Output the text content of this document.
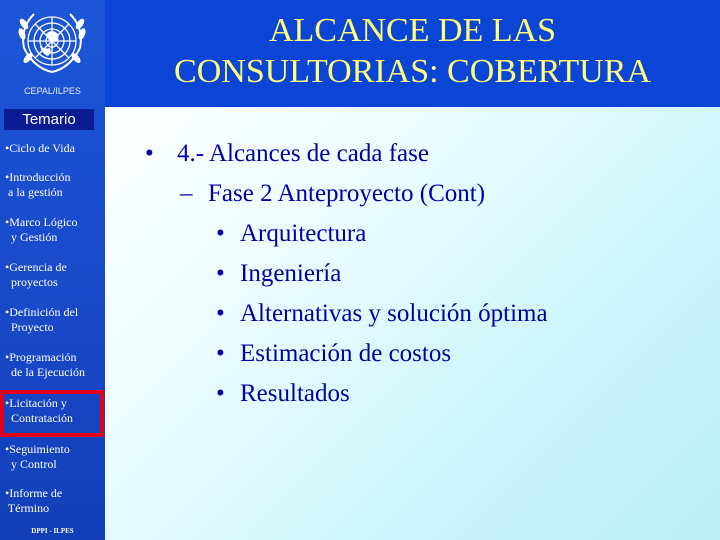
CEPAL/ILPES
Temario
•Ciclo de Vida
•Introducción
a la gestión
•Marco Lógico
y Gestión
•Gerencia de
proyectos
•Definición del
Proyecto
•Programación
de la Ejecución
•Licitación y
Contratación
•Seguimiento
y Control
•Informe de
Término
DPPI - ILPES
ALCANCE DE LAS
CONSULTORIAS: COBERTURA
• 4.- Alcances de cada fase
– Fase 2 Anteproyecto (Cont)
• Arquitectura
• Ingeniería
• Alternativas y solución óptima
• Estimación de costos
• Resultados
